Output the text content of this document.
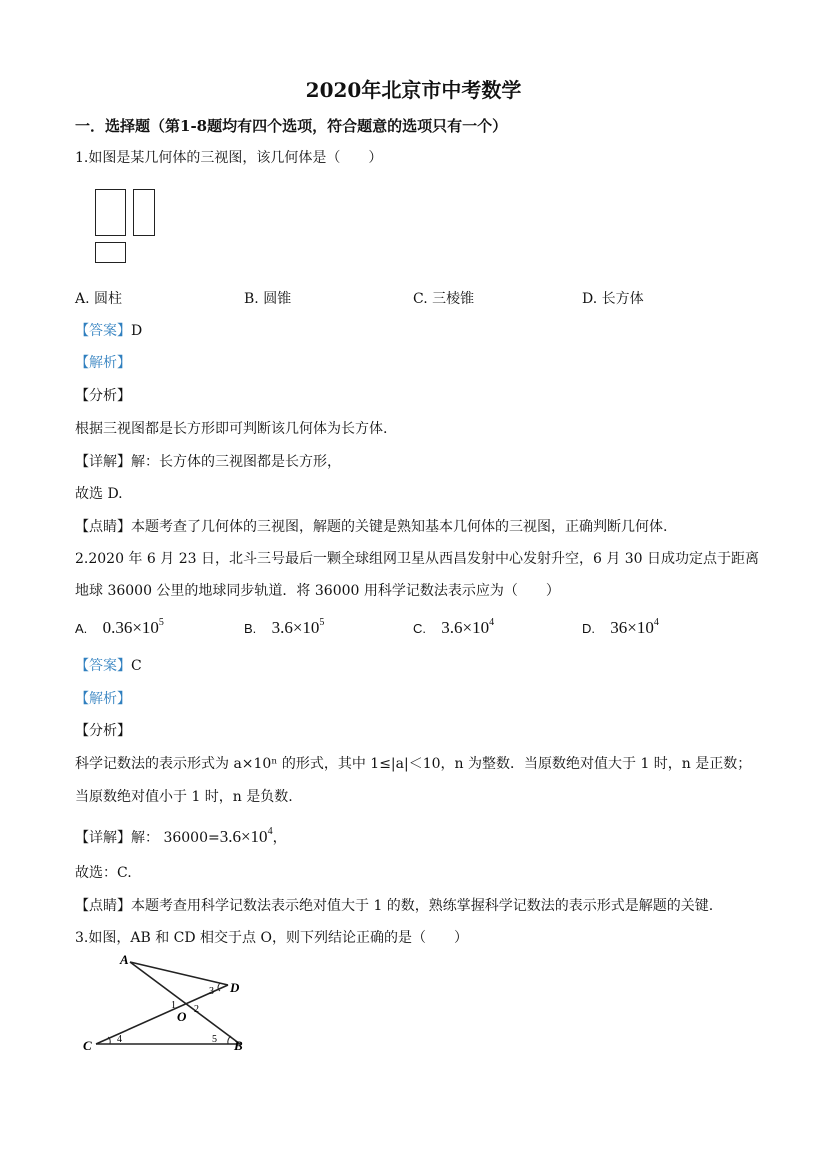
2020年北京市中考数学
一．选择题（第1-8题均有四个选项，符合题意的选项只有一个）
1.如图是某几何体的三视图，该几何体是（　　）
A. 圆柱	B. 圆锥	C. 三棱锥	D. 长方体
【答案】D
【解析】
【分析】
根据三视图都是长方形即可判断该几何体为长方体.
【详解】解：长方体的三视图都是长方形，
故选 D.
【点睛】本题考查了几何体的三视图，解题的关键是熟知基本几何体的三视图，正确判断几何体.
2.2020 年 6 月 23 日，北斗三号最后一颗全球组网卫星从西昌发射中心发射升空，6 月 30 日成功定点于距离
地球 36000 公里的地球同步轨道．将 36000 用科学记数法表示应为（　　）
A. $0.36\times 10^5$	B. $3.6\times 10^5$	C. $3.6\times 10^4$	D. $36\times 10^4$
【答案】C
【解析】
【分析】
科学记数法的表示形式为 a×10ⁿ 的形式，其中 1≤|a|＜10，n 为整数．当原数绝对值大于 1 时，n 是正数；
当原数绝对值小于 1 时，n 是负数.
【详解】解： $36000=3.6\times 10^4$，
故选：C.
【点睛】本题考查用科学记数法表示绝对值大于 1 的数，熟练掌握科学记数法的表示形式是解题的关键.
3.如图，AB 和 CD 相交于点 O，则下列结论正确的是（　　）
A
D
C	B
O
1 2
3
4	5
